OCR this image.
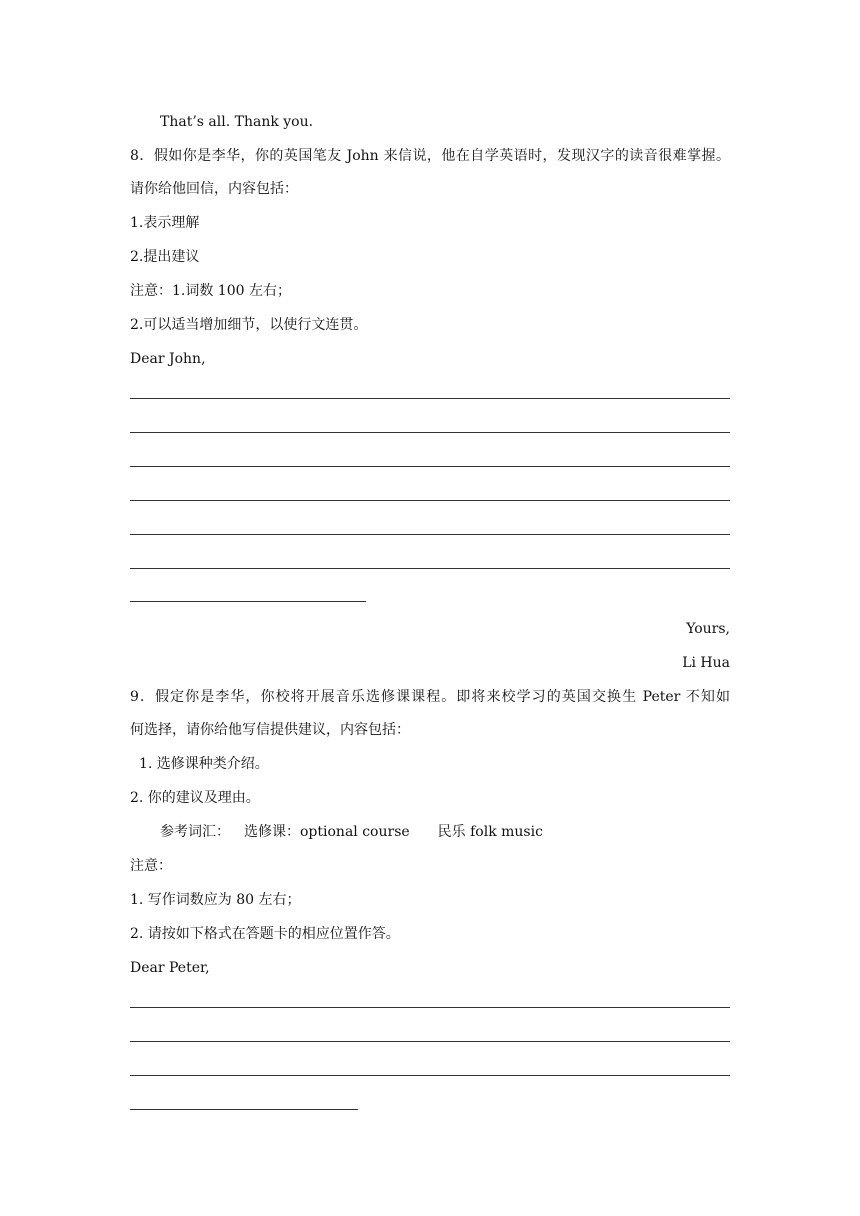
That’s all. Thank you.
8．假如你是李华，你的英国笔友 John 来信说，他在自学英语时，发现汉字的读音很难掌握。
请你给他回信，内容包括：
1.表示理解
2.提出建议
注意：1.词数 100 左右；
2.可以适当增加细节，以使行文连贯。
Dear John,
Yours,
Li Hua
9．假定你是李华，你校将开展音乐选修课课程。即将来校学习的英国交换生 Peter 不知如
何选择，请你给他写信提供建议，内容包括：
1. 选修课种类介绍。
2. 你的建议及理由。
参考词汇： 选修课：optional course 民乐 folk music
注意：
1. 写作词数应为 80 左右；
2. 请按如下格式在答题卡的相应位置作答。
Dear Peter,
